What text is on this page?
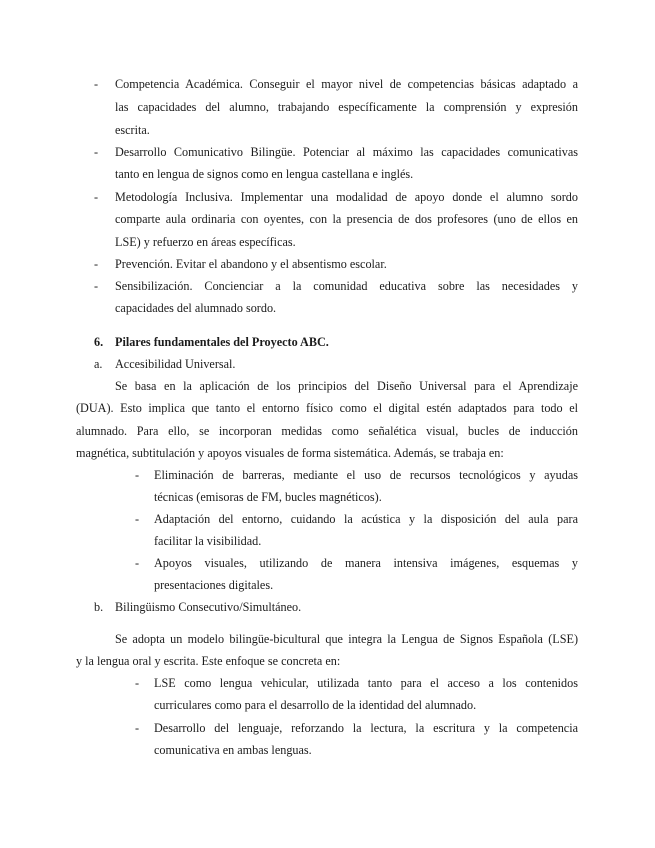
- Competencia Académica. Conseguir el mayor nivel de competencias básicas adaptado a
las capacidades del alumno, trabajando específicamente la comprensión y expresión
escrita.
- Desarrollo Comunicativo Bilingüe. Potenciar al máximo las capacidades comunicativas
tanto en lengua de signos como en lengua castellana e inglés.
- Metodología Inclusiva. Implementar una modalidad de apoyo donde el alumno sordo
comparte aula ordinaria con oyentes, con la presencia de dos profesores (uno de ellos en
LSE) y refuerzo en áreas específicas.
- Prevención. Evitar el abandono y el absentismo escolar.
- Sensibilización. Concienciar a la comunidad educativa sobre las necesidades y
capacidades del alumnado sordo.
6. Pilares fundamentales del Proyecto ABC.
a. Accesibilidad Universal.
Se basa en la aplicación de los principios del Diseño Universal para el Aprendizaje
(DUA). Esto implica que tanto el entorno físico como el digital estén adaptados para todo el
alumnado. Para ello, se incorporan medidas como señalética visual, bucles de inducción
magnética, subtitulación y apoyos visuales de forma sistemática. Además, se trabaja en:
- Eliminación de barreras, mediante el uso de recursos tecnológicos y ayudas
técnicas (emisoras de FM, bucles magnéticos).
- Adaptación del entorno, cuidando la acústica y la disposición del aula para
facilitar la visibilidad.
- Apoyos visuales, utilizando de manera intensiva imágenes, esquemas y
presentaciones digitales.
b. Bilingüismo Consecutivo/Simultáneo.
Se adopta un modelo bilingüe-bicultural que integra la Lengua de Signos Española (LSE)
y la lengua oral y escrita. Este enfoque se concreta en:
- LSE como lengua vehicular, utilizada tanto para el acceso a los contenidos
curriculares como para el desarrollo de la identidad del alumnado.
- Desarrollo del lenguaje, reforzando la lectura, la escritura y la competencia
comunicativa en ambas lenguas.
